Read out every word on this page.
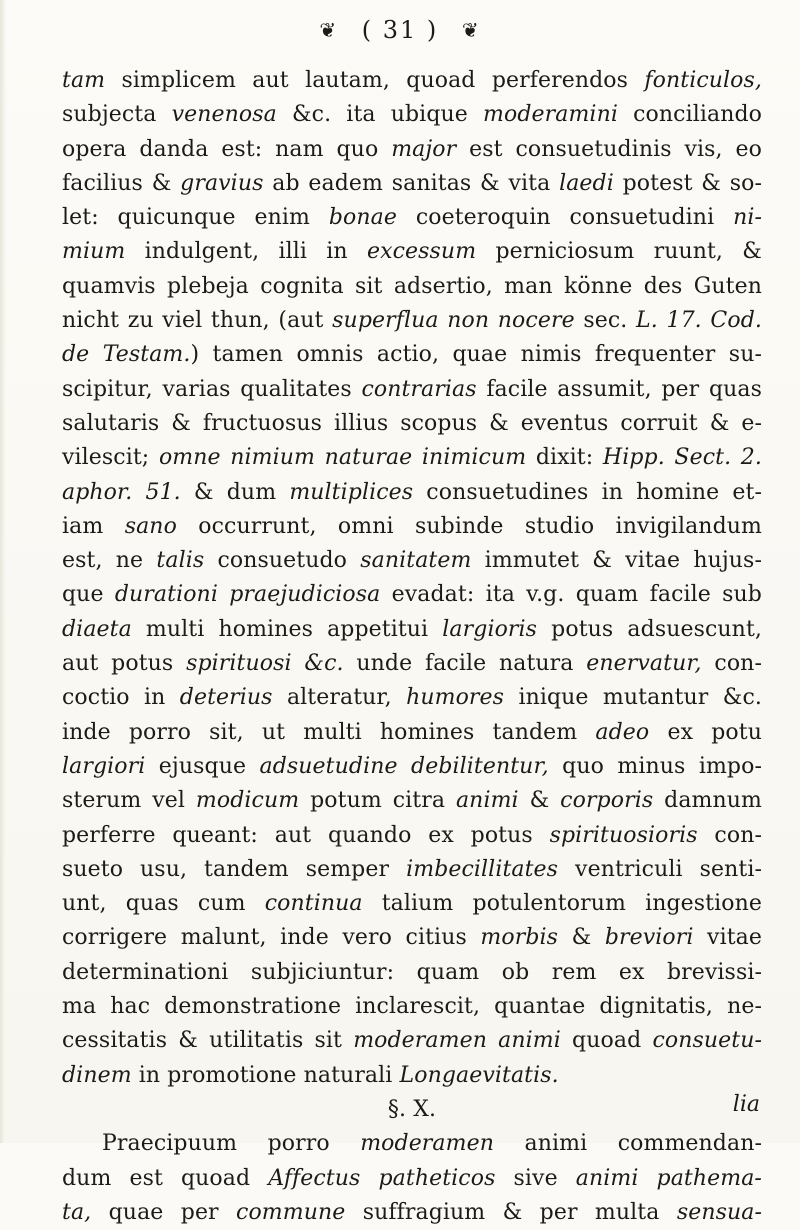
❦ ( 31 ) ❦
tam simplicem aut lautam, quoad perferendos fonticulos,
subjecta venenosa &c. ita ubique moderamini conciliando
opera danda est: nam quo major est consuetudinis vis, eo
facilius & gravius ab eadem sanitas & vita laedi potest & so-
let: quicunque enim bonae coeteroquin consuetudini ni-
mium indulgent, illi in excessum perniciosum ruunt, &
quamvis plebeja cognita sit adsertio, man könne des Guten
nicht zu viel thun, (aut superflua non nocere sec. L. 17. Cod.
de Testam.) tamen omnis actio, quae nimis frequenter su-
scipitur, varias qualitates contrarias facile assumit, per quas
salutaris & fructuosus illius scopus & eventus corruit & e-
vilescit; omne nimium naturae inimicum dixit: Hipp. Sect. 2.
aphor. 51. & dum multiplices consuetudines in homine et-
iam sano occurrunt, omni subinde studio invigilandum
est, ne talis consuetudo sanitatem immutet & vitae hujus-
que durationi praejudiciosa evadat: ita v.g. quam facile sub
diaeta multi homines appetitui largioris potus adsuescunt,
aut potus spirituosi &c. unde facile natura enervatur, con-
coctio in deterius alteratur, humores inique mutantur &c.
inde porro sit, ut multi homines tandem adeo ex potu
largiori ejusque adsuetudine debilitentur, quo minus impo-
sterum vel modicum potum citra animi & corporis damnum
perferre queant: aut quando ex potus spirituosioris con-
sueto usu, tandem semper imbecillitates ventriculi senti-
unt, quas cum continua talium potulentorum ingestione
corrigere malunt, inde vero citius morbis & breviori vitae
determinationi subjiciuntur: quam ob rem ex brevissi-
ma hac demonstratione inclarescit, quantae dignitatis, ne-
cessitatis & utilitatis sit moderamen animi quoad consuetu-
dinem in promotione naturali Longaevitatis.
§. X.
Praecipuum porro moderamen animi commendan-
dum est quoad Affectus patheticos sive animi pathema-
ta, quae per commune suffragium & per multa sensua-
lia
